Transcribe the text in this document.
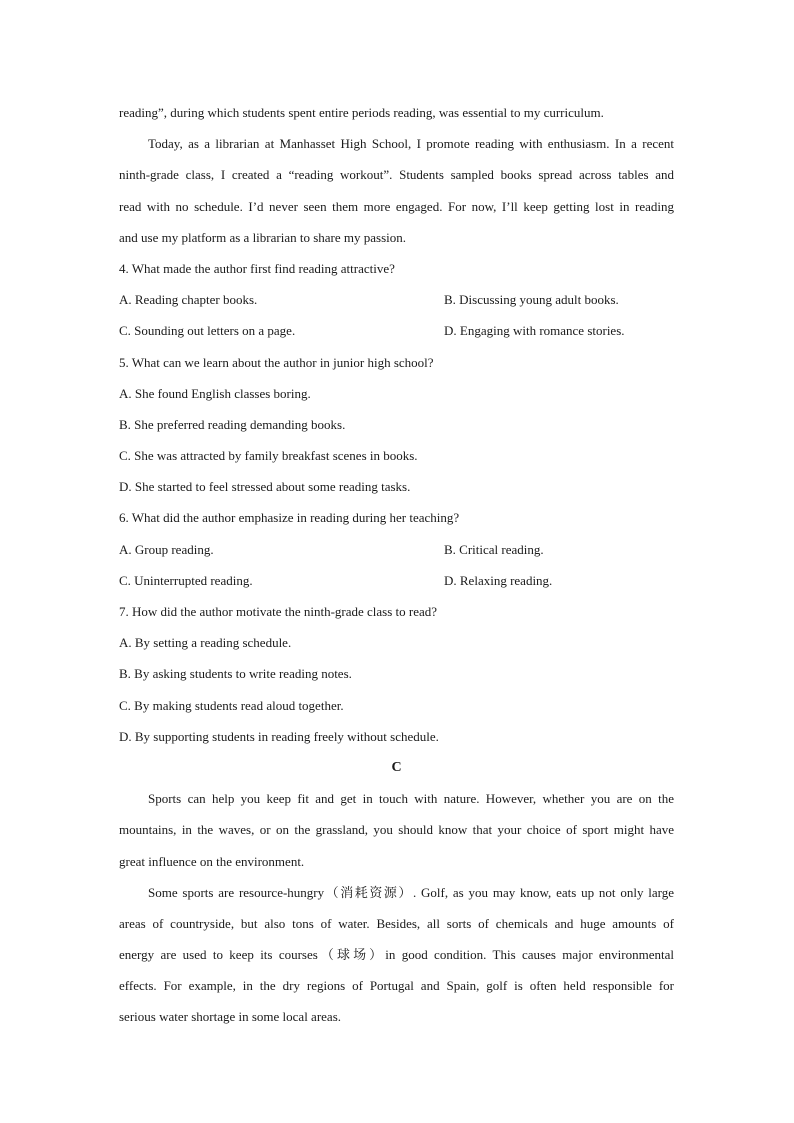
reading”, during which students spent entire periods reading, was essential to my curriculum.
Today, as a librarian at Manhasset High School, I promote reading with enthusiasm. In a recent
ninth-grade class, I created a “reading workout”. Students sampled books spread across tables and
read with no schedule. I’d never seen them more engaged. For now, I’ll keep getting lost in reading
and use my platform as a librarian to share my passion.
4. What made the author first find reading attractive?
A. Reading chapter books.	B. Discussing young adult books.
C. Sounding out letters on a page.	D. Engaging with romance stories.
5. What can we learn about the author in junior high school?
A. She found English classes boring.
B. She preferred reading demanding books.
C. She was attracted by family breakfast scenes in books.
D. She started to feel stressed about some reading tasks.
6. What did the author emphasize in reading during her teaching?
A. Group reading.	B. Critical reading.
C. Uninterrupted reading.	D. Relaxing reading.
7. How did the author motivate the ninth-grade class to read?
A. By setting a reading schedule.
B. By asking students to write reading notes.
C. By making students read aloud together.
D. By supporting students in reading freely without schedule.
C
Sports can help you keep fit and get in touch with nature. However, whether you are on the
mountains, in the waves, or on the grassland, you should know that your choice of sport might have
great influence on the environment.
Some sports are resource-hungry（消耗资源）. Golf, as you may know, eats up not only large
areas of countryside, but also tons of water. Besides, all sorts of chemicals and huge amounts of
energy are used to keep its courses（球场）in good condition. This causes major environmental
effects. For example, in the dry regions of Portugal and Spain, golf is often held responsible for
serious water shortage in some local areas.
